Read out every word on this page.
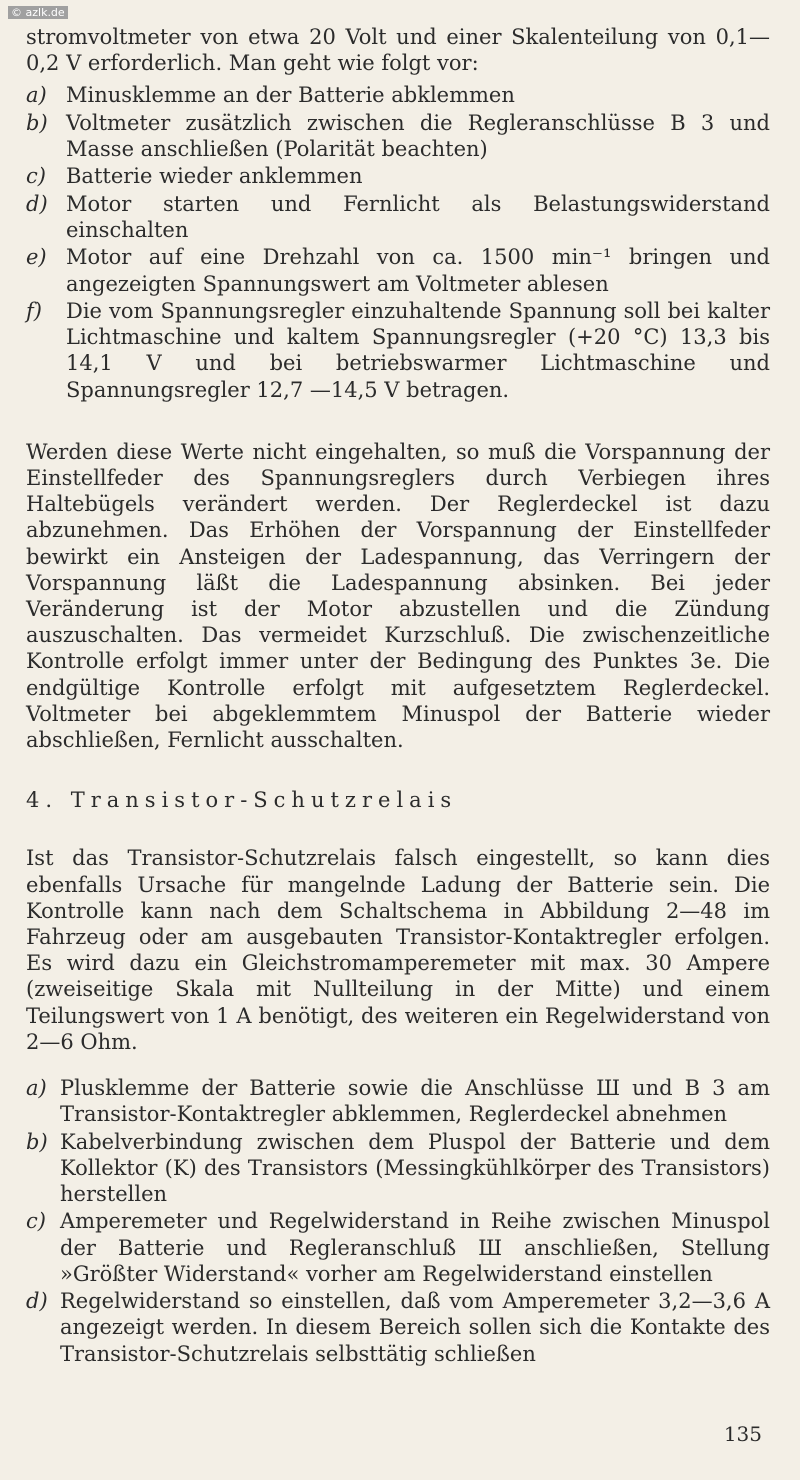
© azlk.de

stromvoltmeter von etwa 20 Volt und einer Skalenteilung von 0,1—0,2 V erforderlich. Man geht wie folgt vor:

a) Minusklemme an der Batterie abklemmen
b) Voltmeter zusätzlich zwischen die Regleranschlüsse B 3 und Masse anschließen (Polarität beachten)
c) Batterie wieder anklemmen
d) Motor starten und Fernlicht als Belastungswiderstand einschalten
e) Motor auf eine Drehzahl von ca. 1500 min⁻¹ bringen und angezeigten Spannungswert am Voltmeter ablesen
f)	Die vom Spannungsregler einzuhaltende Spannung soll bei kalter Lichtmaschine und kaltem Spannungsregler (+20 °C) 13,3 bis 14,1 V und bei betriebswarmer Lichtmaschine und Spannungsregler 12,7 —14,5 V betragen.

Werden diese Werte nicht eingehalten, so muß die Vorspannung der Einstellfeder des Spannungsreglers durch Verbiegen ihres Haltebügels verändert werden. Der Reglerdeckel ist dazu abzunehmen. Das Erhöhen der Vorspannung der Einstellfeder bewirkt ein Ansteigen der Ladespannung, das Verringern der Vorspannung läßt die Ladespannung absinken. Bei jeder Veränderung ist der Motor abzustellen und die Zündung auszuschalten. Das vermeidet Kurzschluß. Die zwischenzeitliche Kontrolle erfolgt immer unter der Bedingung des Punktes 3e. Die endgültige Kontrolle erfolgt mit aufgesetztem Reglerdeckel. Voltmeter bei abgeklemmtem Minuspol der Batterie wieder abschließen, Fernlicht ausschalten.

4. Transistor-Schutzrelais

Ist das Transistor-Schutzrelais falsch eingestellt, so kann dies ebenfalls Ursache für mangelnde Ladung der Batterie sein. Die Kontrolle kann nach dem Schaltschema in Abbildung 2—48 im Fahrzeug oder am ausgebauten Transistor-Kontaktregler erfolgen. Es wird dazu ein Gleichstromamperemeter mit max. 30 Ampere (zweiseitige Skala mit Nullteilung in der Mitte) und einem Teilungswert von 1 A benötigt, des weiteren ein Regelwiderstand von 2—6 Ohm.

a) Plusklemme der Batterie sowie die Anschlüsse Ш und B 3 am Transistor-Kontaktregler abklemmen, Reglerdeckel abnehmen
b) Kabelverbindung zwischen dem Pluspol der Batterie und dem Kollektor (K) des Transistors (Messingkühlkörper des Transistors) herstellen
c) Amperemeter und Regelwiderstand in Reihe zwischen Minuspol der Batterie und Regleranschluß Ш anschließen, Stellung »Größter Widerstand« vorher am Regelwiderstand einstellen
d) Regelwiderstand so einstellen, daß vom Amperemeter 3,2—3,6 A angezeigt werden. In diesem Bereich sollen sich die Kontakte des Transistor-Schutzrelais selbsttätig schließen
135
